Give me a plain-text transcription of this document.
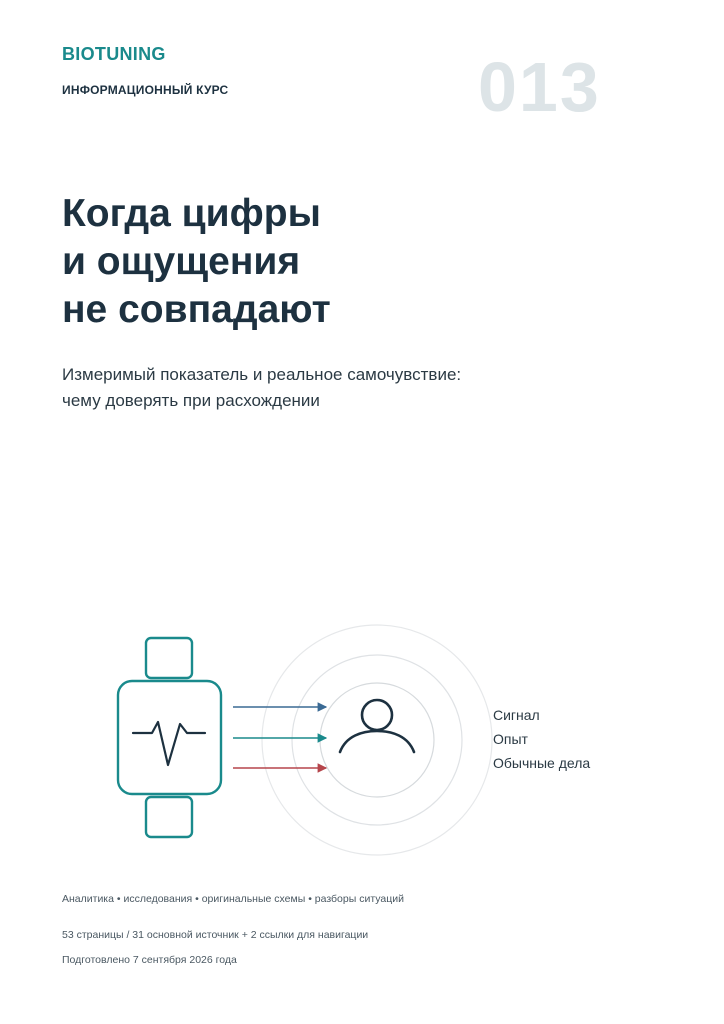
BIOTUNING
ИНФОРМАЦИОННЫЙ КУРС	013
Когда цифры
и ощущения
не совпадают
Измеримый показатель и реальное самочувствие:
чему доверять при расхождении
Сигнал
Опыт
Обычные дела
Аналитика • исследования • оригинальные схемы • разборы ситуаций
53 страницы / 31 основной источник + 2 ссылки для навигации
Подготовлено 7 сентября 2026 года
